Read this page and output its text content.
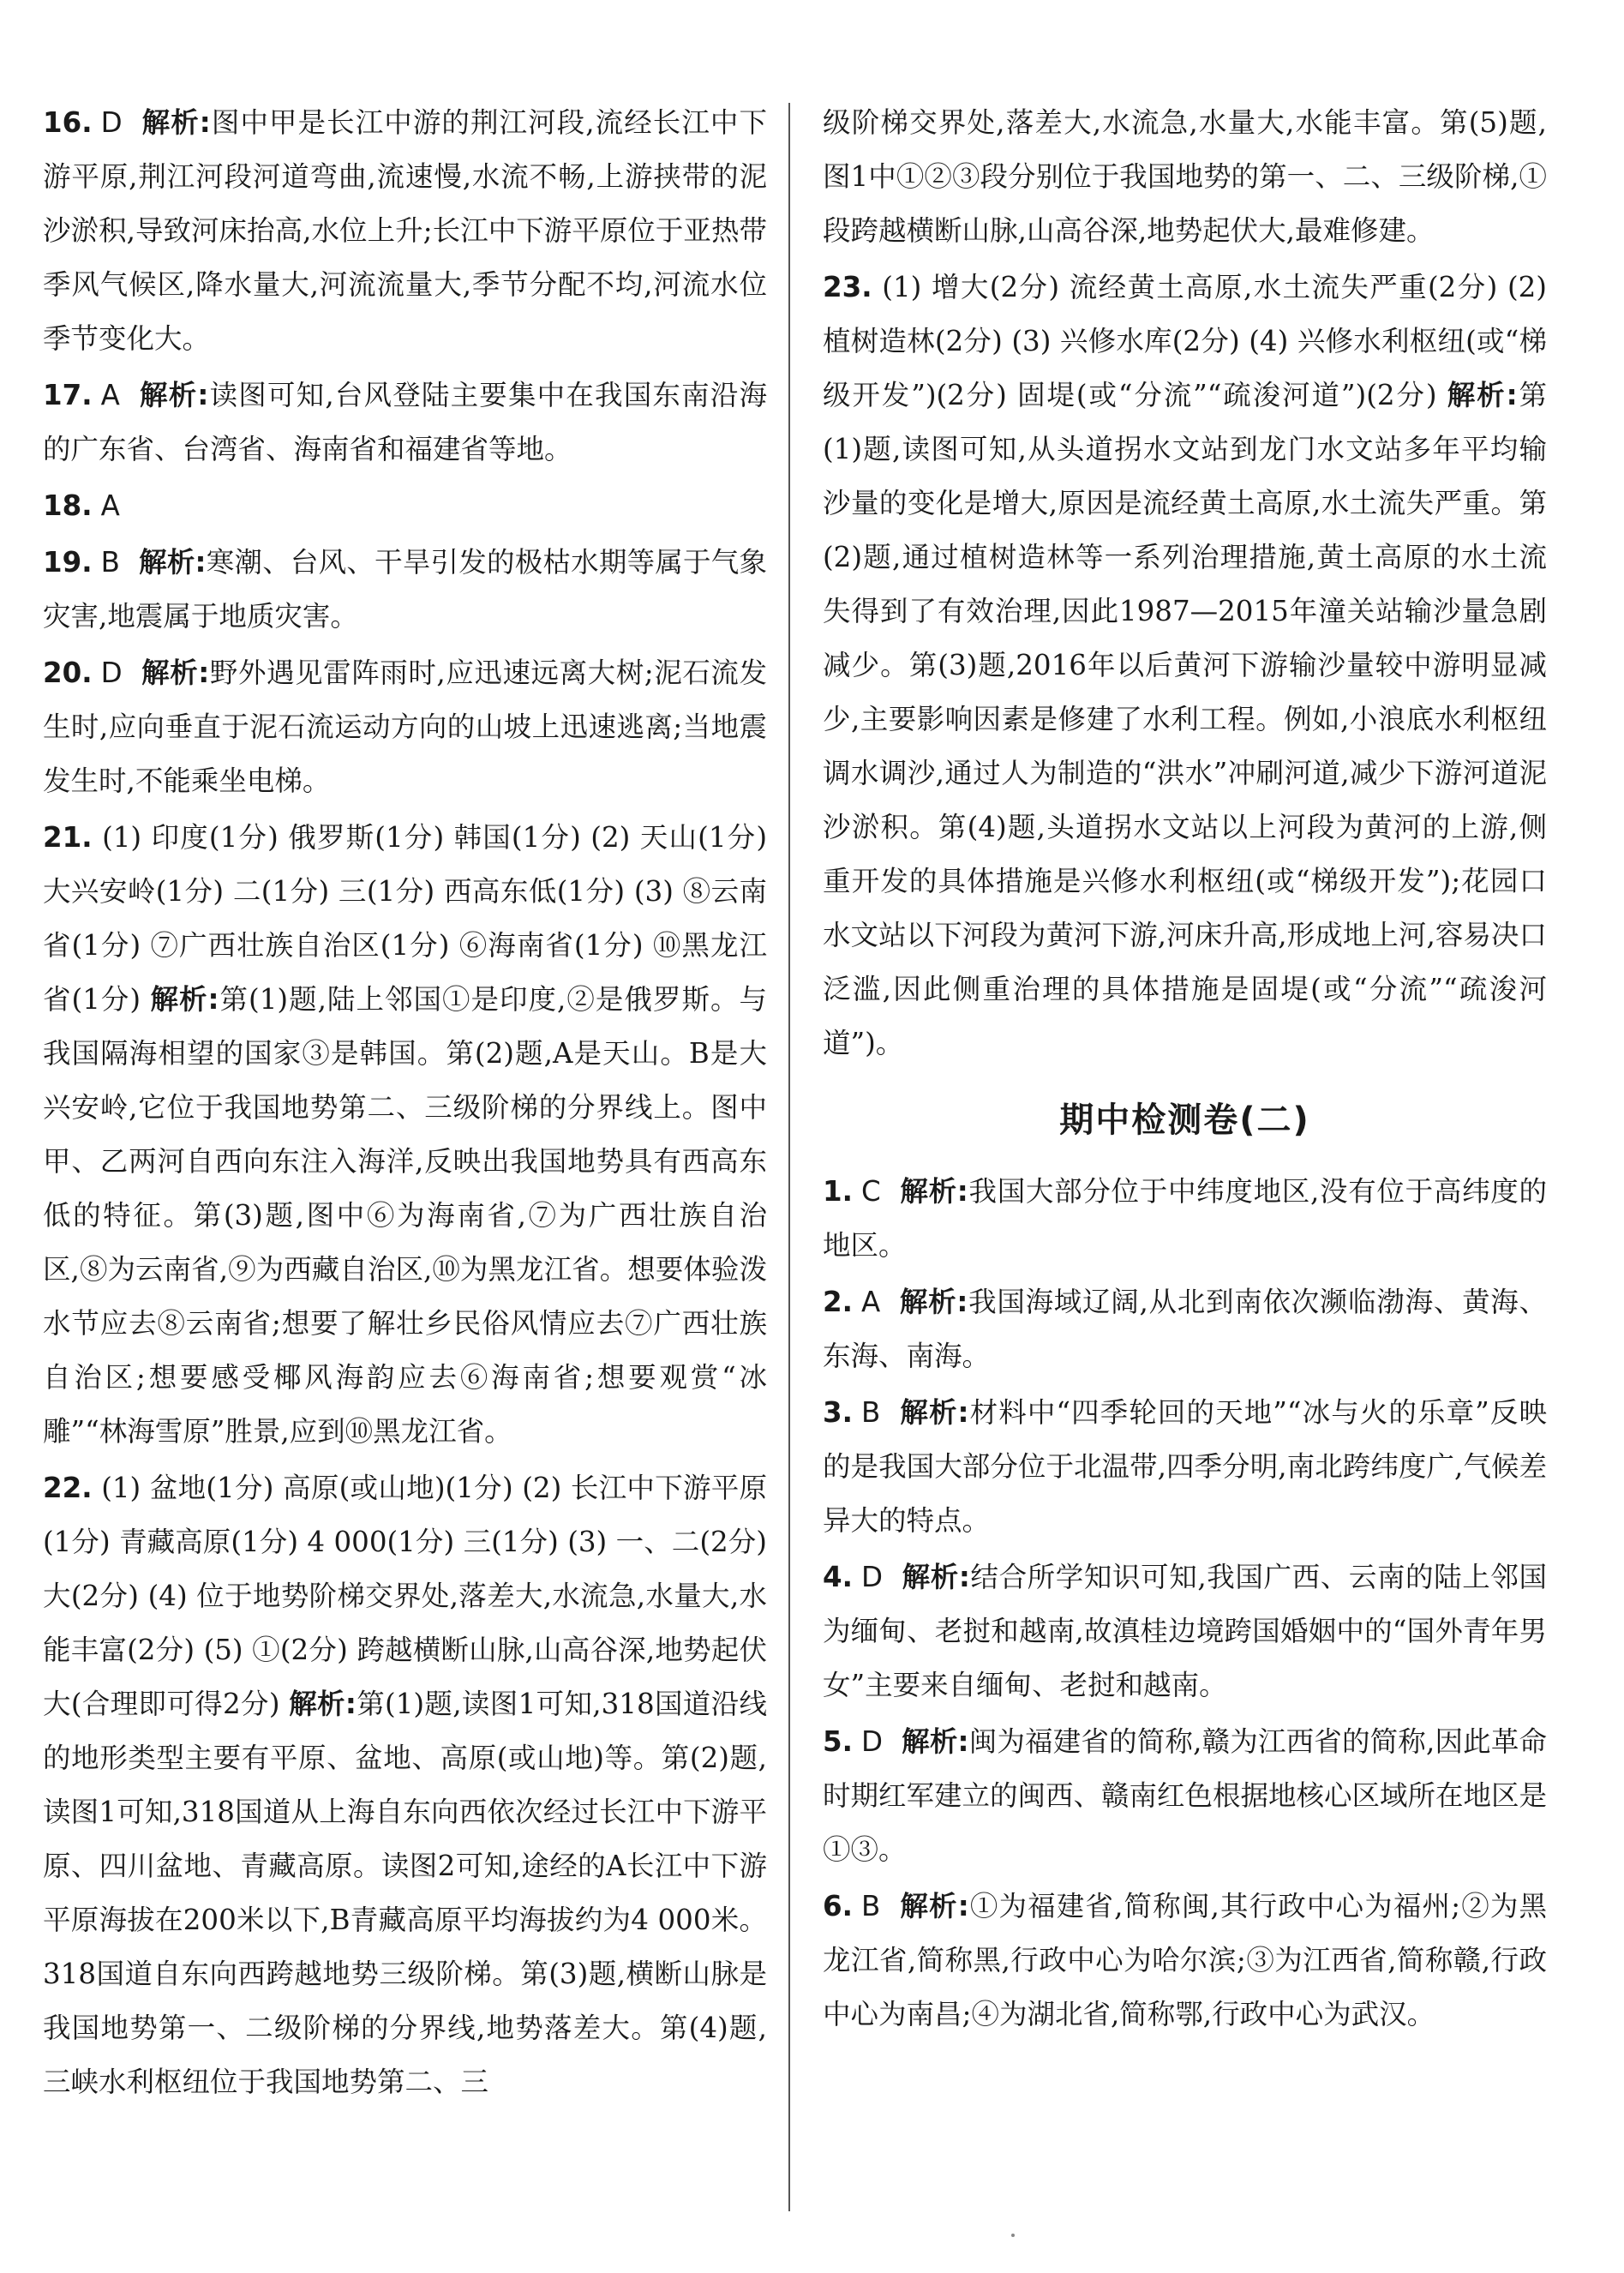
16. D 解析:图中甲是长江中游的荆江河段,流经长江中下游平原,荆江河段河道弯曲,流速慢,水流不畅,上游挟带的泥沙淤积,导致河床抬高,水位上升;长江中下游平原位于亚热带季风气候区,降水量大,河流流量大,季节分配不均,河流水位季节变化大。
17. A 解析:读图可知,台风登陆主要集中在我国东南沿海的广东省、台湾省、海南省和福建省等地。
18. A
19. B 解析:寒潮、台风、干旱引发的极枯水期等属于气象灾害,地震属于地质灾害。
20. D 解析:野外遇见雷阵雨时,应迅速远离大树;泥石流发生时,应向垂直于泥石流运动方向的山坡上迅速逃离;当地震发生时,不能乘坐电梯。
21. (1) 印度(1分) 俄罗斯(1分) 韩国(1分) (2) 天山(1分) 大兴安岭(1分) 二(1分) 三(1分) 西高东低(1分) (3) ⑧云南省(1分) ⑦广西壮族自治区(1分) ⑥海南省(1分) ⑩黑龙江省(1分) 解析:第(1)题,陆上邻国①是印度,②是俄罗斯。与我国隔海相望的国家③是韩国。第(2)题,A是天山。B是大兴安岭,它位于我国地势第二、三级阶梯的分界线上。图中甲、乙两河自西向东注入海洋,反映出我国地势具有西高东低的特征。第(3)题,图中⑥为海南省,⑦为广西壮族自治区,⑧为云南省,⑨为西藏自治区,⑩为黑龙江省。想要体验泼水节应去⑧云南省;想要了解壮乡民俗风情应去⑦广西壮族自治区;想要感受椰风海韵应去⑥海南省;想要观赏“冰雕”“林海雪原”胜景,应到⑩黑龙江省。
22. (1) 盆地(1分) 高原(或山地)(1分) (2) 长江中下游平原(1分) 青藏高原(1分) 4 000(1分) 三(1分) (3) 一、二(2分) 大(2分) (4) 位于地势阶梯交界处,落差大,水流急,水量大,水能丰富(2分) (5) ①(2分) 跨越横断山脉,山高谷深,地势起伏大(合理即可得2分) 解析:第(1)题,读图1可知,318国道沿线的地形类型主要有平原、盆地、高原(或山地)等。第(2)题,读图1可知,318国道从上海自东向西依次经过长江中下游平原、四川盆地、青藏高原。读图2可知,途经的A长江中下游平原海拔在200米以下,B青藏高原平均海拔约为4 000米。318国道自东向西跨越地势三级阶梯。第(3)题,横断山脉是我国地势第一、二级阶梯的分界线,地势落差大。第(4)题,三峡水利枢纽位于我国地势第二、三
级阶梯交界处,落差大,水流急,水量大,水能丰富。第(5)题,图1中①②③段分别位于我国地势的第一、二、三级阶梯,①段跨越横断山脉,山高谷深,地势起伏大,最难修建。
23. (1) 增大(2分) 流经黄土高原,水土流失严重(2分) (2) 植树造林(2分) (3) 兴修水库(2分) (4) 兴修水利枢纽(或“梯级开发”)(2分) 固堤(或“分流”“疏浚河道”)(2分) 解析:第(1)题,读图可知,从头道拐水文站到龙门水文站多年平均输沙量的变化是增大,原因是流经黄土高原,水土流失严重。第(2)题,通过植树造林等一系列治理措施,黄土高原的水土流失得到了有效治理,因此1987—2015年潼关站输沙量急剧减少。第(3)题,2016年以后黄河下游输沙量较中游明显减少,主要影响因素是修建了水利工程。例如,小浪底水利枢纽调水调沙,通过人为制造的“洪水”冲刷河道,减少下游河道泥沙淤积。第(4)题,头道拐水文站以上河段为黄河的上游,侧重开发的具体措施是兴修水利枢纽(或“梯级开发”);花园口水文站以下河段为黄河下游,河床升高,形成地上河,容易决口泛滥,因此侧重治理的具体措施是固堤(或“分流”“疏浚河道”)。
期中检测卷(二)
1. C 解析:我国大部分位于中纬度地区,没有位于高纬度的地区。
2. A 解析:我国海域辽阔,从北到南依次濒临渤海、黄海、东海、南海。
3. B 解析:材料中“四季轮回的天地”“冰与火的乐章”反映的是我国大部分位于北温带,四季分明,南北跨纬度广,气候差异大的特点。
4. D 解析:结合所学知识可知,我国广西、云南的陆上邻国为缅甸、老挝和越南,故滇桂边境跨国婚姻中的“国外青年男女”主要来自缅甸、老挝和越南。
5. D 解析:闽为福建省的简称,赣为江西省的简称,因此革命时期红军建立的闽西、赣南红色根据地核心区域所在地区是①③。
6. B 解析:①为福建省,简称闽,其行政中心为福州;②为黑龙江省,简称黑,行政中心为哈尔滨;③为江西省,简称赣,行政中心为南昌;④为湖北省,简称鄂,行政中心为武汉。
